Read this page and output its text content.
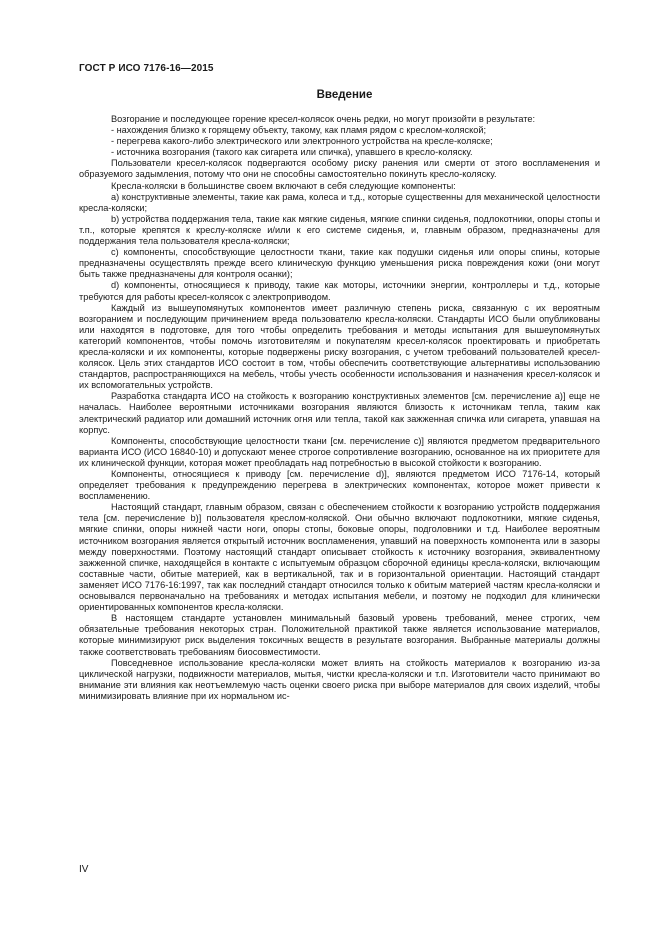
ГОСТ Р ИСО 7176-16—2015
Введение

Возгорание и последующее горение кресел-колясок очень редки, но могут произойти в результате:

- нахождения близко к горящему объекту, такому, как пламя рядом с креслом-коляской;

- перегрева какого-либо электрического или электронного устройства на кресле-коляске;

- источника возгорания (такого как сигарета или спичка), упавшего в кресло-коляску.

Пользователи кресел-колясок подвергаются особому риску ранения или смерти от этого воспламенения и образуемого задымления, потому что они не способны самостоятельно покинуть кресло-коляску.

Кресла-коляски в большинстве своем включают в себя следующие компоненты:

a) конструктивные элементы, такие как рама, колеса и т.д., которые существенны для механической целостности кресла-коляски;

b) устройства поддержания тела, такие как мягкие сиденья, мягкие спинки сиденья, подлокотники, опоры стопы и т.п., которые крепятся к креслу-коляске и/или к его системе сиденья, и, главным образом, предназначены для поддержания тела пользователя кресла-коляски;

c) компоненты, способствующие целостности ткани, такие как подушки сиденья или опоры спины, которые предназначены осуществлять прежде всего клиническую функцию уменьшения риска повреждения кожи (они могут быть также предназначены для контроля осанки);

d) компоненты, относящиеся к приводу, такие как моторы, источники энергии, контроллеры и т.д., которые требуются для работы кресел-колясок с электроприводом.

Каждый из вышеупомянутых компонентов имеет различную степень риска, связанную с их вероятным возгоранием и последующим причинением вреда пользователю кресла-коляски. Стандарты ИСО были опубликованы или находятся в подготовке, для того чтобы определить требования и методы испытания для вышеупомянутых категорий компонентов, чтобы помочь изготовителям и покупателям кресел-колясок проектировать и приобретать кресла-коляски и их компоненты, которые подвержены риску возгорания, с учетом требований пользователей кресел-колясок. Цель этих стандартов ИСО состоит в том, чтобы обеспечить соответствующие альтернативы использованию стандартов, распространяющихся на мебель, чтобы учесть особенности использования и назначения кресел-колясок и их вспомогательных устройств.

Разработка стандарта ИСО на стойкость к возгоранию конструктивных элементов [см. перечисление а)] еще не началась. Наиболее вероятными источниками возгорания являются близость к источникам тепла, таким как электрический радиатор или домашний источник огня или тепла, такой как зажженная спичка или сигарета, упавшая на корпус.

Компоненты, способствующие целостности ткани [см. перечисление с)] являются предметом предварительного варианта ИСО (ИСО 16840-10) и допускают менее строгое сопротивление возгоранию, основанное на их приоритете для их клинической функции, которая может преобладать над потребностью в высокой стойкости к возгоранию.

Компоненты, относящиеся к приводу [см. перечисление d)], являются предметом ИСО 7176-14, который определяет требования к предупреждению перегрева в электрических компонентах, которое может привести к воспламенению.

Настоящий стандарт, главным образом, связан с обеспечением стойкости к возгоранию устройств поддержания тела [см. перечисление b)] пользователя креслом-коляской. Они обычно включают подлокотники, мягкие сиденья, мягкие спинки, опоры нижней части ноги, опоры стопы, боковые опоры, подголовники и т.д. Наиболее вероятным источником возгорания является открытый источник воспламенения, упавший на поверхность компонента или в зазоры между поверхностями. Поэтому настоящий стандарт описывает стойкость к источнику возгорания, эквивалентному зажженной спичке, находящейся в контакте с испытуемым образцом сборочной единицы кресла-коляски, включающим составные части, обитые материей, как в вертикальной, так и в горизонтальной ориентации. Настоящий стандарт заменяет ИСО 7176-16:1997, так как последний стандарт относился только к обитым материей частям кресла-коляски и основывался первоначально на требованиях и методах испытания мебели, и поэтому не подходил для клинически ориентированных компонентов кресла-коляски.

В настоящем стандарте установлен минимальный базовый уровень требований, менее строгих, чем обязательные требования некоторых стран. Положительной практикой также является использование материалов, которые минимизируют риск выделения токсичных веществ в результате возгорания. Выбранные материалы должны также соответствовать требованиям биосовместимости.

Повседневное использование кресла-коляски может влиять на стойкость материалов к возгоранию из-за циклической нагрузки, подвижности материалов, мытья, чистки кресла-коляски и т.п. Изготовители часто принимают во внимание эти влияния как неотъемлемую часть оценки своего риска при выборе материалов для своих изделий, чтобы минимизировать влияние при их нормальном ис-

IV
